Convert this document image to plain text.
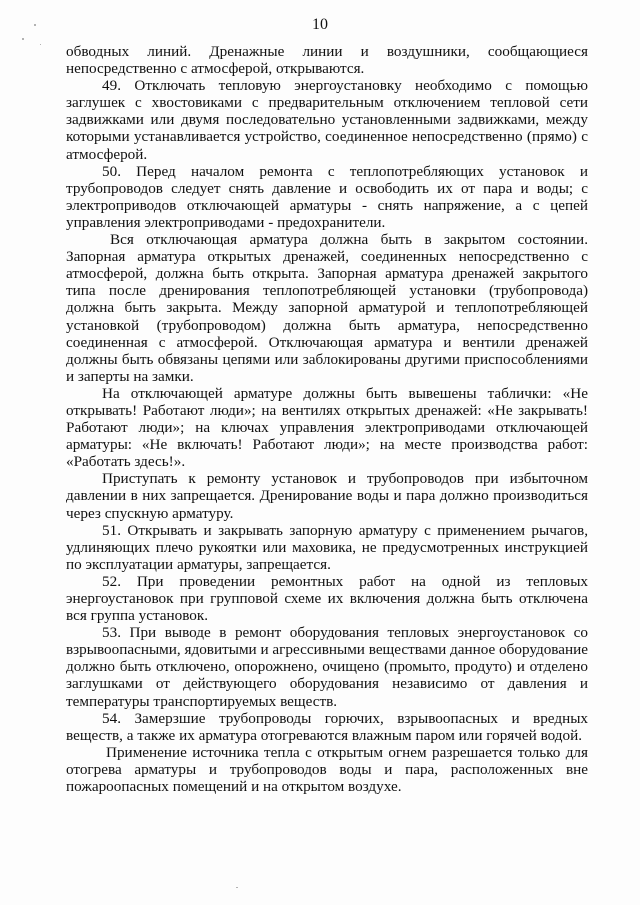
10

обводных линий. Дренажные линии и воздушники, сообщающиеся непосредственно с атмосферой, открываются.

49. Отключать тепловую энергоустановку необходимо с помощью заглушек с хвостовиками с предварительным отключением тепловой сети задвижками или двумя последовательно установленными задвижками, между которыми устанавливается устройство, соединенное непосредственно (прямо) с атмосферой.

50. Перед началом ремонта с теплопотребляющих установок и трубопроводов следует снять давление и освободить их от пара и воды; с электроприводов отключающей арматуры - снять напряжение, а с цепей управления электроприводами - предохранители.

Вся отключающая арматура должна быть в закрытом состоянии. Запорная арматура открытых дренажей, соединенных непосредственно с атмосферой, должна быть открыта. Запорная арматура дренажей закрытого типа после дренирования теплопотребляющей установки (трубопровода) должна быть закрыта. Между запорной арматурой и теплопотребляющей установкой (трубопроводом) должна быть арматура, непосредственно соединенная с атмосферой. Отключающая арматура и вентили дренажей должны быть обвязаны цепями или заблокированы другими приспособлениями и заперты на замки.

На отключающей арматуре должны быть вывешены таблички: «Не открывать! Работают люди»; на вентилях открытых дренажей: «Не закрывать! Работают люди»; на ключах управления электроприводами отключающей арматуры: «Не включать! Работают люди»; на месте производства работ: «Работать здесь!».

Приступать к ремонту установок и трубопроводов при избыточном давлении в них запрещается. Дренирование воды и пара должно производиться через спускную арматуру.

51. Открывать и закрывать запорную арматуру с применением рычагов, удлиняющих плечо рукоятки или маховика, не предусмотренных инструкцией по эксплуатации арматуры, запрещается.

52. При проведении ремонтных работ на одной из тепловых энергоустановок при групповой схеме их включения должна быть отключена вся группа установок.

53. При выводе в ремонт оборудования тепловых энергоустановок со взрывоопасными, ядовитыми и агрессивными веществами данное оборудование должно быть отключено, опорожнено, очищено (промыто, продуто) и отделено заглушками от действующего оборудования независимо от давления и температуры транспортируемых веществ.

54. Замерзшие трубопроводы горючих, взрывоопасных и вредных веществ, а также их арматура отогреваются влажным паром или горячей водой.

Применение источника тепла с открытым огнем разрешается только для отогрева арматуры и трубопроводов воды и пара, расположенных вне пожароопасных помещений и на открытом воздухе.
